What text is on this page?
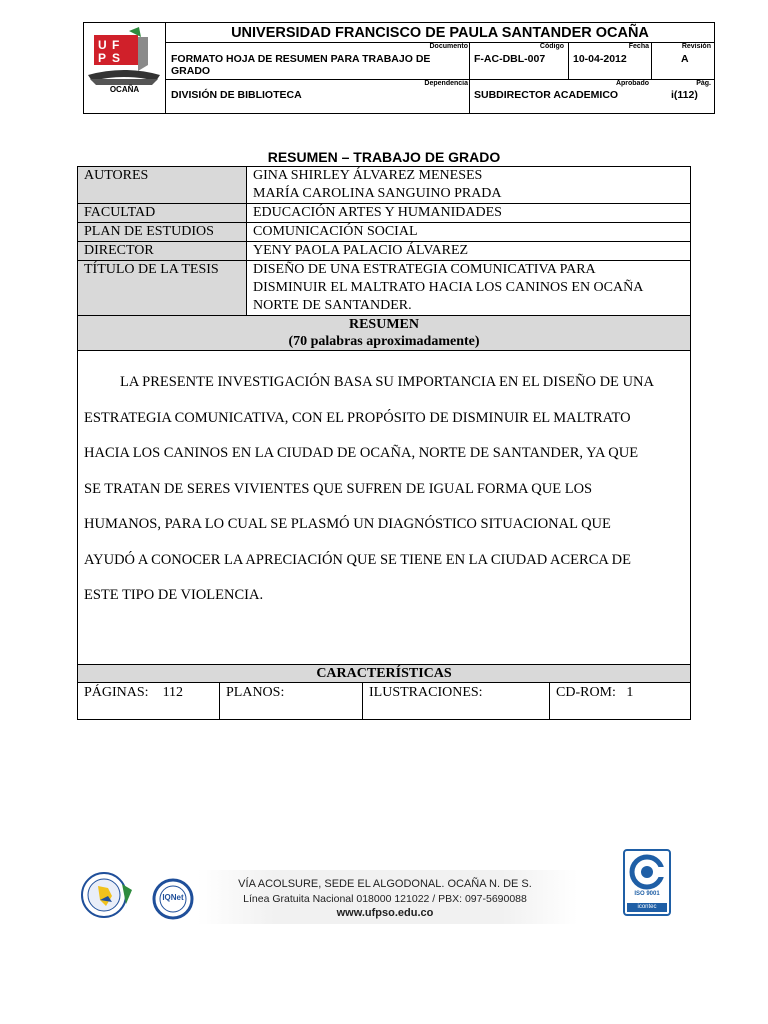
U F
P S
OCAÑA
UNIVERSIDAD FRANCISCO DE PAULA SANTANDER OCAÑA
Documento	Código	Fecha	Revisión
FORMATO HOJA DE RESUMEN PARA TRABAJO DE GRADO
F-AC-DBL-007	10-04-2012	A
Dependencia	Aprobado	Pág.
DIVISIÓN DE BIBLIOTECA	SUBDIRECTOR ACADEMICO	i(112)
RESUMEN – TRABAJO DE GRADO
AUTORES	GINA SHIRLEY ÁLVAREZ MENESES
MARÍA CAROLINA SANGUINO PRADA
FACULTAD	EDUCACIÓN ARTES Y HUMANIDADES
PLAN DE ESTUDIOS	COMUNICACIÓN SOCIAL
DIRECTOR	YENY PAOLA PALACIO ÁLVAREZ
TÍTULO DE LA TESIS	DISEÑO DE UNA ESTRATEGIA COMUNICATIVA PARA
DISMINUIR EL MALTRATO HACIA LOS CANINOS EN OCAÑA
NORTE DE SANTANDER.
RESUMEN
(70 palabras aproximadamente)

LA PRESENTE INVESTIGACIÓN BASA SU IMPORTANCIA EN EL DISEÑO DE UNA

ESTRATEGIA COMUNICATIVA, CON EL PROPÓSITO DE DISMINUIR EL MALTRATO

HACIA LOS CANINOS EN LA CIUDAD DE OCAÑA, NORTE DE SANTANDER, YA QUE

SE TRATAN DE SERES VIVIENTES QUE SUFREN DE IGUAL FORMA QUE LOS

HUMANOS, PARA LO CUAL SE PLASMÓ UN DIAGNÓSTICO SITUACIONAL QUE

AYUDÓ A CONOCER LA APRECIACIÓN QUE SE TIENE EN LA CIUDAD ACERCA DE

ESTE TIPO DE VIOLENCIA.

CARACTERÍSTICAS
PÁGINAS: 112	PLANOS:	ILUSTRACIONES:	CD-ROM: 1
IQNet
VÍA ACOLSURE, SEDE EL ALGODONAL. OCAÑA N. DE S.
Línea Gratuita Nacional 018000 121022 / PBX: 097-5690088
www.ufpso.edu.co
ISO 9001
icontec
